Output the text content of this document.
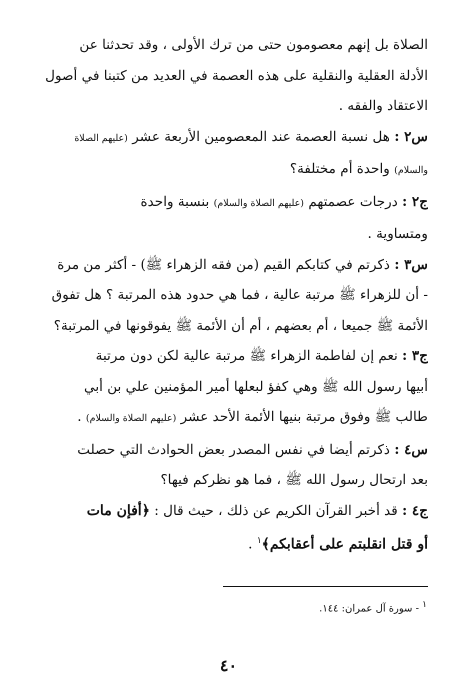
الصلاة بل إنهم معصومون حتى من ترك الأولى ، وقد تحدثنا عن
الأدلة العقلية والنقلية على هذه العصمة في العديد من كتبنا في أصول
الاعتقاد والفقه .
س٢ : هل نسبة العصمة عند المعصومين الأربعة عشر (عليهم الصلاة
والسلام) واحدة أم مختلفة؟
ج٢ : درجات عصمتهم (عليهم الصلاة والسلام) بنسبة واحدة
ومتساوية .
س٣ : ذكرتم في كتابكم القيم (من فقه الزهراء ﷺ) - أكثر من مرة
- أن للزهراء ﷺ مرتبة عالية ، فما هي حدود هذه المرتبة ؟ هل تفوق
الأئمة ﷺ جميعا ، أم بعضهم ، أم أن الأئمة ﷺ يفوقونها في المرتبة؟
ج٣ : نعم إن لفاطمة الزهراء ﷺ مرتبة عالية لكن دون مرتبة
أبيها رسول الله ﷺ وهي كفؤ لبعلها أمير المؤمنين علي بن أبي
طالب ﷺ وفوق مرتبة بنيها الأئمة الأحد عشر (عليهم الصلاة والسلام) .
س٤ : ذكرتم أيضا في نفس المصدر بعض الحوادث التي حصلت
بعد ارتحال رسول الله ﷺ ، فما هو نظركم فيها؟
ج٤ : قد أخبر القرآن الكريم عن ذلك ، حيث قال : ﴿أفإن مات
أو قتل انقلبتم على أعقابكم﴾$^١$ .
$^١$ - سورة آل عمران: ١٤٤.
٤٠
